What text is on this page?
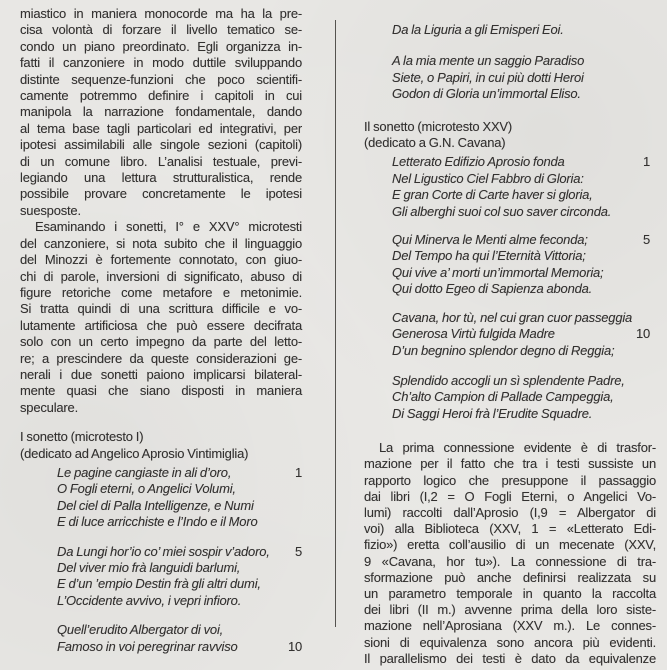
miastico in maniera monocorde ma ha la pre-
cisa volontà di forzare il livello tematico se-
condo un piano preordinato. Egli organizza in-
fatti il canzoniere in modo duttile sviluppando
distinte sequenze-funzioni che poco scientifi-
camente potremmo definire i capitoli in cui
manipola la narrazione fondamentale, dando
al tema base tagli particolari ed integrativi, per
ipotesi assimilabili alle singole sezioni (capitoli)
di un comune libro. L’analisi testuale, previ-
legiando una lettura strutturalistica, rende
possibile provare concretamente le ipotesi
suesposte.
Esaminando i sonetti, I° e XXV° microtesti
del canzoniere, si nota subito che il linguaggio
del Minozzi è fortemente connotato, con giuo-
chi di parole, inversioni di significato, abuso di
figure retoriche come metafore e metonimie.
Si tratta quindi di una scrittura difficile e vo-
lutamente artificiosa che può essere decifrata
solo con un certo impegno da parte del letto-
re; a prescindere da queste considerazioni ge-
nerali i due sonetti paiono implicarsi bilateral-
mente quasi che siano disposti in maniera
speculare.
I sonetto (microtesto I)
(dedicato ad Angelico Aprosio Vintimiglia)
Le pagine cangiaste in ali d’oro,	1
O Fogli eterni, o Angelici Volumi,
Del ciel di Palla Intelligenze, e Numi
E di luce arricchiste e l’Indo e il Moro
Da Lungi hor’io co’ miei sospir v’adoro, 5
Del viver mio frà languidi barlumi,
E d’un ’empio Destin frà gli altri dumi,
L’Occidente avvivo, i vepri infioro.
Quell’erudito Albergator di voi,
Famoso in voi peregrinar ravviso	10
Da la Liguria a gli Emisperi Eoi.
A la mia mente un saggio Paradiso
Siete, o Papiri, in cui più dotti Heroi
Godon di Gloria un’immortal Eliso.
Il sonetto (microtesto XXV)
(dedicato a G.N. Cavana)
Letterato Edifizio Aprosio fonda	1
Nel Ligustico Ciel Fabbro di Gloria:
E gran Corte di Carte haver si gloria,
Gli alberghi suoi col suo saver circonda.
Qui Minerva le Menti alme feconda;	5
Del Tempo ha qui l’Eternità Vittoria;
Qui vive a’ morti un’immortal Memoria;
Qui dotto Egeo di Sapienza abonda.
Cavana, hor tù, nel cui gran cuor passeggia
Generosa Virtù fulgida Madre	10
D’un begnino splendor degno di Reggia;
Splendido accogli un sì splendente Padre,
Ch’alto Campion di Pallade Campeggia,
Di Saggi Heroi frà l’Erudite Squadre.
La prima connessione evidente è di trasfor-
mazione per il fatto che tra i testi sussiste un
rapporto logico che presuppone il passaggio
dai libri (I,2 = O Fogli Eterni, o Angelici Vo-
lumi) raccolti dall’Aprosio (I,9 = Albergator di
voi) alla Biblioteca (XXV, 1 = «Letterato Edi-
fizio») eretta coll’ausilio di un mecenate (XXV,
9 «Cavana, hor tu»). La connessione di tra-
sformazione può anche definirsi realizzata su
un parametro temporale in quanto la raccolta
dei libri (II m.) avvenne prima della loro siste-
mazione nell’Aprosiana (XXV m.). Le connes-
sioni di equivalenza sono ancora più evidenti.
Il parallelismo dei testi è dato da equivalenze
